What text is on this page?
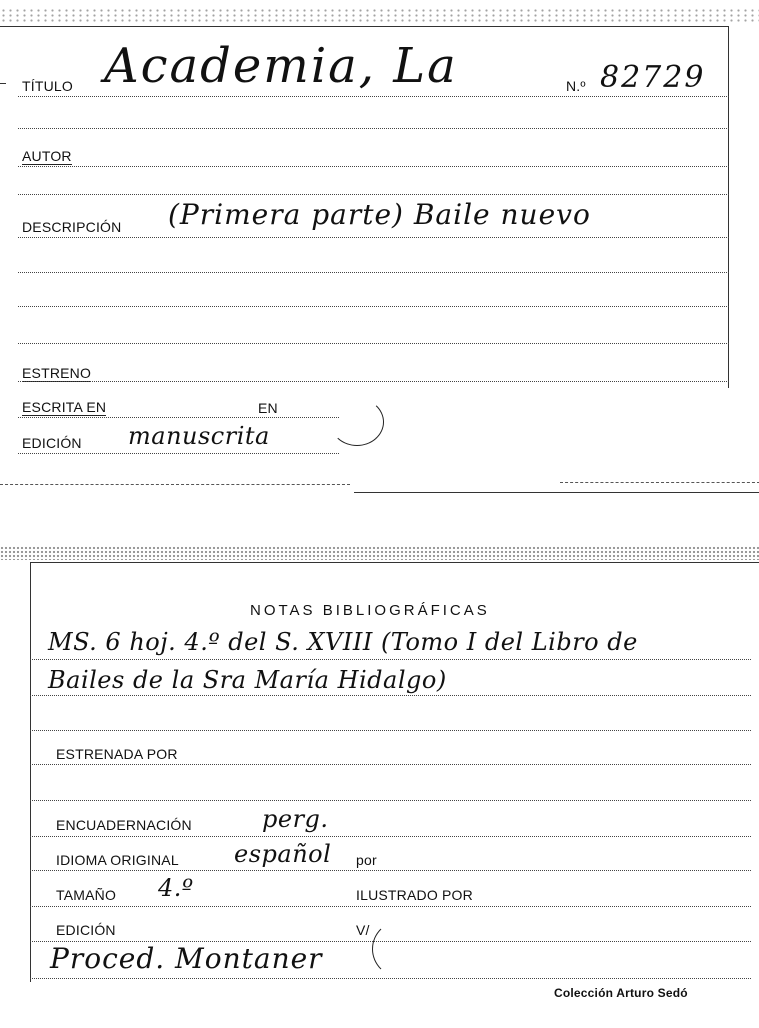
TÍTULO Academia, La	N.º 82729
AUTOR
DESCRIPCIÓN (Primera parte) Baile nuevo
ESTRENO
ESCRITA EN	EN
EDICIÓN manuscrita
NOTAS BIBLIOGRÁFICAS
MS. 6 hoj. 4.º del S. XVIII (Tomo I del Libro de
Bailes de la Sra María Hidalgo)
ESTRENADA POR
ENCUADERNACIÓN	perg.
IDIOMA ORIGINAL español por
TAMAÑO 4.º	ILUSTRADO POR
EDICIÓN	V/
Proced. Montaner
Colección Arturo Sedó
